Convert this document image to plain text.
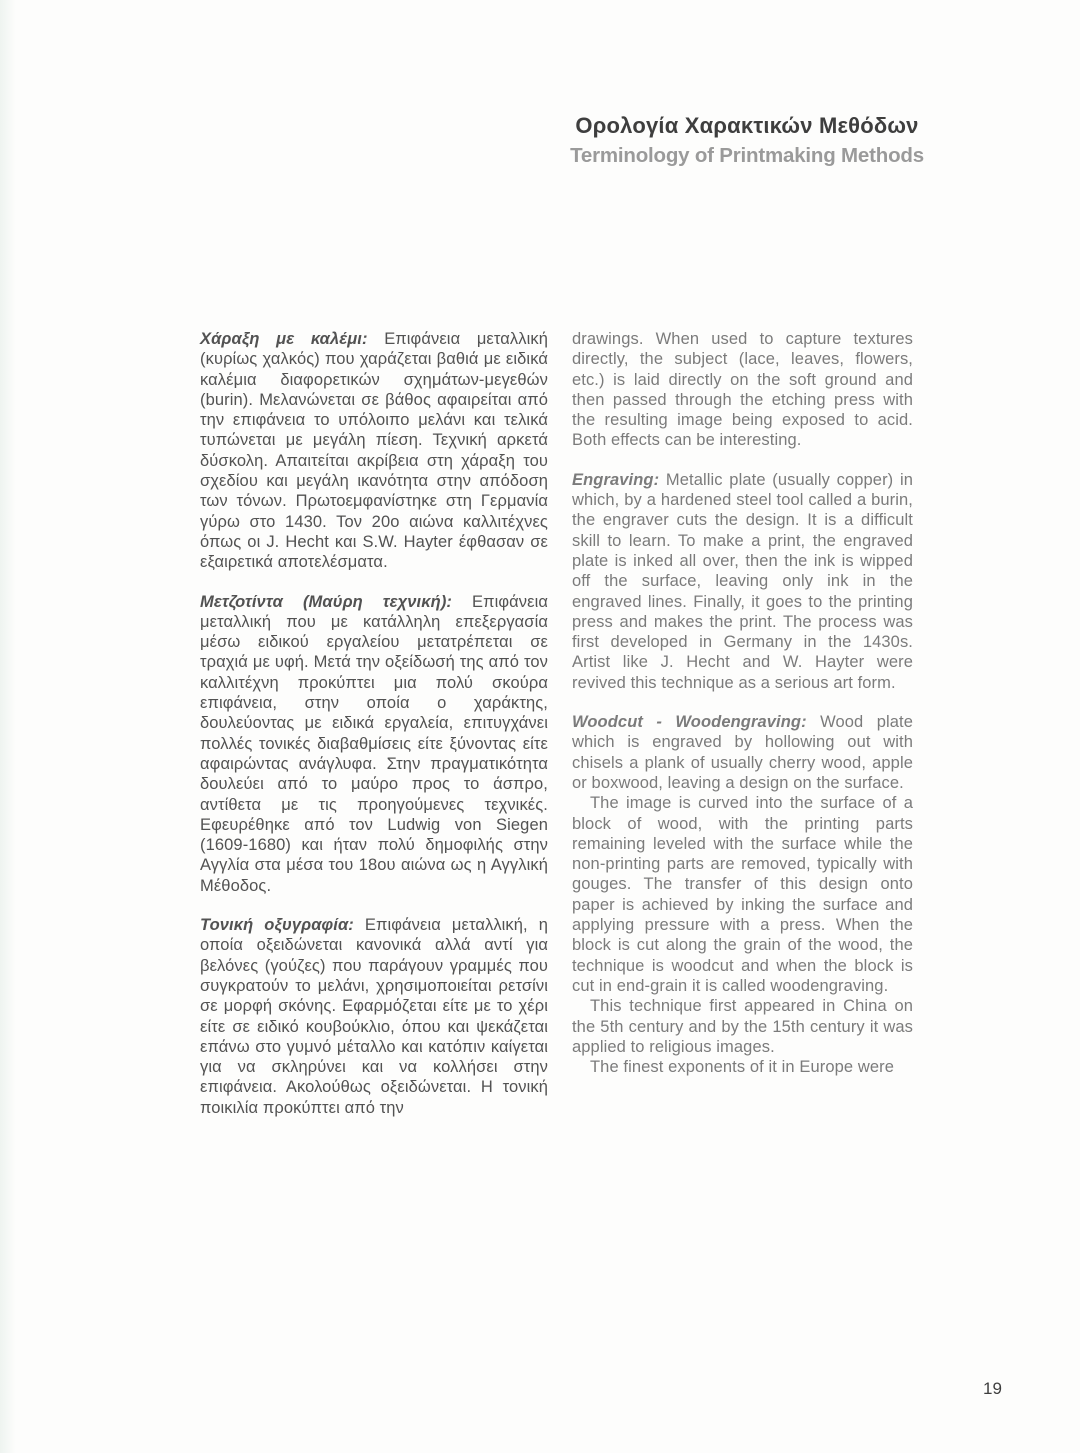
Ορολογία Χαρακτικών Μεθόδων
Terminology of Printmaking Methods

Χάραξη με καλέμι: Επιφάνεια μεταλλική (κυρίως χαλκός) που χαράζεται βαθιά με ειδικά καλέμια διαφορετικών σχημάτων-μεγεθών (burin). Μελανώνεται σε βάθος αφαιρείται από την επιφάνεια το υπόλοιπο μελάνι και τελικά τυπώνεται με μεγάλη πίεση. Τεχνική αρκετά δύσκολη. Απαιτείται ακρίβεια στη χάραξη του σχεδίου και μεγάλη ικανότητα στην απόδοση των τόνων. Πρωτοεμφανίστηκε στη Γερμανία γύρω στο 1430. Τον 20ο αιώνα καλλιτέχνες όπως οι J. Hecht και S.W. Hayter έφθασαν σε εξαιρετικά αποτελέσματα.

Μετζοτίντα (Μαύρη τεχνική): Επιφάνεια μεταλλική που με κατάλληλη επεξεργασία μέσω ειδικού εργαλείου μετατρέπεται σε τραχιά με υφή. Μετά την οξείδωσή της από τον καλλιτέχνη προκύπτει μια πολύ σκούρα επιφάνεια, στην οποία ο χαράκτης, δουλεύοντας με ειδικά εργαλεία, επιτυγχάνει πολλές τονικές διαβαθμίσεις είτε ξύνοντας είτε αφαιρώντας ανάγλυφα. Στην πραγματικότητα δουλεύει από το μαύρο προς το άσπρο, αντίθετα με τις προηγούμενες τεχνικές. Εφευρέθηκε από τον Ludwig von Siegen (1609-1680) και ήταν πολύ δημοφιλής στην Αγγλία στα μέσα του 18ου αιώνα ως η Αγγλική Μέθοδος.

Τονική οξυγραφία: Επιφάνεια μεταλλική, η οποία οξειδώνεται κανονικά αλλά αντί για βελόνες (γούζες) που παράγουν γραμμές που συγκρατούν το μελάνι, χρησιμοποιείται ρετσίνι σε μορφή σκόνης. Εφαρμόζεται είτε με το χέρι είτε σε ειδικό κουβούκλιο, όπου και ψεκάζεται επάνω στο γυμνό μέταλλο και κατόπιν καίγεται για να σκληρύνει και να κολλήσει στην επιφάνεια. Ακολούθως οξειδώνεται. Η τονική ποικιλία προκύπτει από την

drawings. When used to capture textures directly, the subject (lace, leaves, flowers, etc.) is laid directly on the soft ground and then passed through the etching press with the resulting image being exposed to acid. Both effects can be interesting.

Engraving: Metallic plate (usually copper) in which, by a hardened steel tool called a burin, the engraver cuts the design. It is a difficult skill to learn. To make a print, the engraved plate is inked all over, then the ink is wipped off the surface, leaving only ink in the engraved lines. Finally, it goes to the printing press and makes the print. The process was first developed in Germany in the 1430s. Artist like J. Hecht and W. Hayter were revived this technique as a serious art form.

Woodcut - Woodengraving: Wood plate which is engraved by hollowing out with chisels a plank of usually cherry wood, apple or boxwood, leaving a design on the surface.

The image is curved into the surface of a block of wood, with the printing parts remaining leveled with the surface while the non-printing parts are removed, typically with gouges. The transfer of this design onto paper is achieved by inking the surface and applying pressure with a press. When the block is cut along the grain of the wood, the technique is woodcut and when the block is cut in end-grain it is called woodengraving.

This technique first appeared in China on the 5th century and by the 15th century it was applied to religious images.

The finest exponents of it in Europe were

19
